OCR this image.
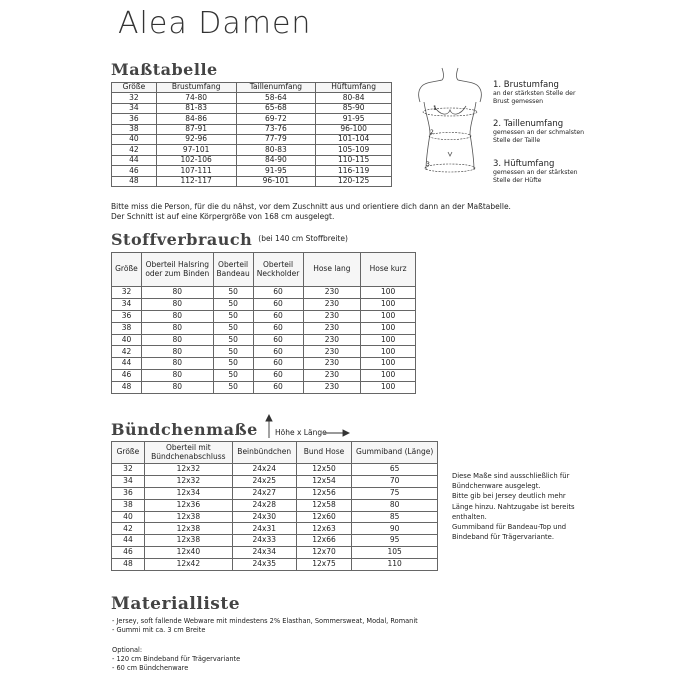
Alea Damen
Maßtabelle
Größe	Brustumfang	Taillenumfang	Hüftumfang
32	74-80	58-64	80-84
34	81-83	65-68	85-90
36	84-86	69-72	91-95
38	87-91	73-76	96-100
40	92-96	77-79	101-104
42	97-101	80-83	105-109
44	102-106	84-90	110-115
46	107-111	91-95	116-119
48	112-117	96-101	120-125
Bitte miss die Person, für die du nähst, vor dem Zuschnitt aus und orientiere dich dann an der Maßtabelle.
Der Schnitt ist auf eine Körpergröße von 168 cm ausgelegt.
1
2
3
1. Brustumfang
an der stärksten Stelle der
Brust gemessen
2. Taillenumfang
gemessen an der schmalsten
Stelle der Taille
3. Hüftumfang
gemessen an der stärksten
Stelle der Hüfte
Stoffverbrauch $^{(bei 140 cm Stoffbreite)}$
Größe	Oberteil Halsring oder zum Binden	Oberteil Bandeau	Oberteil Neckholder	Hose lang	Hose kurz
32	80	50	60	230	100
34	80	50	60	230	100
36	80	50	60	230	100
38	80	50	60	230	100
40	80	50	60	230	100
42	80	50	60	230	100
44	80	50	60	230	100
46	80	50	60	230	100
48	80	50	60	230	100
Bündchenmaße Höhe x Länge
Größe	Oberteil mit Bündchenabschluss	Beinbündchen	Bund Hose	Gummiband (Länge)
32	12x32	24x24	12x50	65
34	12x32	24x25	12x54	70
36	12x34	24x27	12x56	75
38	12x36	24x28	12x58	80
40	12x38	24x30	12x60	85
42	12x38	24x31	12x63	90
44	12x38	24x33	12x66	95
46	12x40	24x34	12x70	105
48	12x42	24x35	12x75	110
Diese Maße sind ausschließlich für
Bündchenware ausgelegt.
Bitte gib bei Jersey deutlich mehr
Länge hinzu. Nahtzugabe ist bereits
enthalten.
Gummiband für Bandeau-Top und
Bindeband für Trägervariante.
Materialliste
- Jersey, soft fallende Webware mit mindestens 2% Elasthan, Sommersweat, Modal, Romanit
- Gummi mit ca. 3 cm Breite
Optional:
- 120 cm Bindeband für Trägervariante
- 60 cm Bündchenware
